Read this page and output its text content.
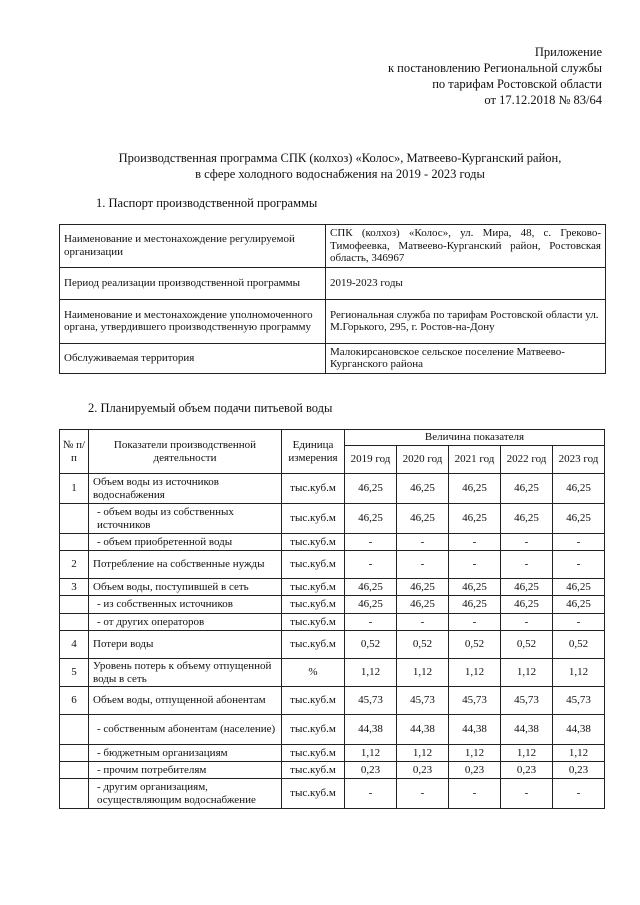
Приложение
к постановлению Региональной службы
по тарифам Ростовской области
от 17.12.2018 № 83/64
Производственная программа СПК (колхоз) «Колос», Матвеево-Курганский район,
в сфере холодного водоснабжения на 2019 - 2023 годы
1. Паспорт производственной программы
Наименование и местонахождение регулируемой организации	СПК (колхоз) «Колос», ул. Мира, 48, с. Греково-Тимофеевка, Матвеево-Курганский район, Ростовская область, 346967
Период реализации производственной программы	2019-2023 годы
Наименование и местонахождение уполномоченного органа, утвердившего производственную программу	Региональная служба по тарифам Ростовской области ул. М.Горького, 295, г. Ростов-на-Дону
Обслуживаемая территория	Малокирсановское сельское поселение Матвеево-Курганского района
2. Планируемый объем подачи питьевой воды
№ п/п	Показатели производственной деятельности	Единица измерения	Величина показателя				
			2019 год	2020 год	2021 год	2022 год	2023 год
1	Объем воды из источников водоснабжения	тыс.куб.м	46,25	46,25	46,25	46,25	46,25
	- объем воды из собственных источников	тыс.куб.м	46,25	46,25	46,25	46,25	46,25
	- объем приобретенной воды	тыс.куб.м	-	-	-	-	-
2	Потребление на собственные нужды	тыс.куб.м	-	-	-	-	-
3	Объем воды, поступившей в сеть	тыс.куб.м	46,25	46,25	46,25	46,25	46,25
	- из собственных источников	тыс.куб.м	46,25	46,25	46,25	46,25	46,25
	- от других операторов	тыс.куб.м	-	-	-	-	-
4	Потери воды	тыс.куб.м	0,52	0,52	0,52	0,52	0,52
5	Уровень потерь к объему отпущенной воды в сеть	%	1,12	1,12	1,12	1,12	1,12
6	Объем воды, отпущенной абонентам	тыс.куб.м	45,73	45,73	45,73	45,73	45,73
	- собственным абонентам (население)	тыс.куб.м	44,38	44,38	44,38	44,38	44,38
	- бюджетным организациям	тыс.куб.м	1,12	1,12	1,12	1,12	1,12
	- прочим потребителям	тыс.куб.м	0,23	0,23	0,23	0,23	0,23
	- другим организациям, осуществляющим водоснабжение	тыс.куб.м	-	-	-	-	-
